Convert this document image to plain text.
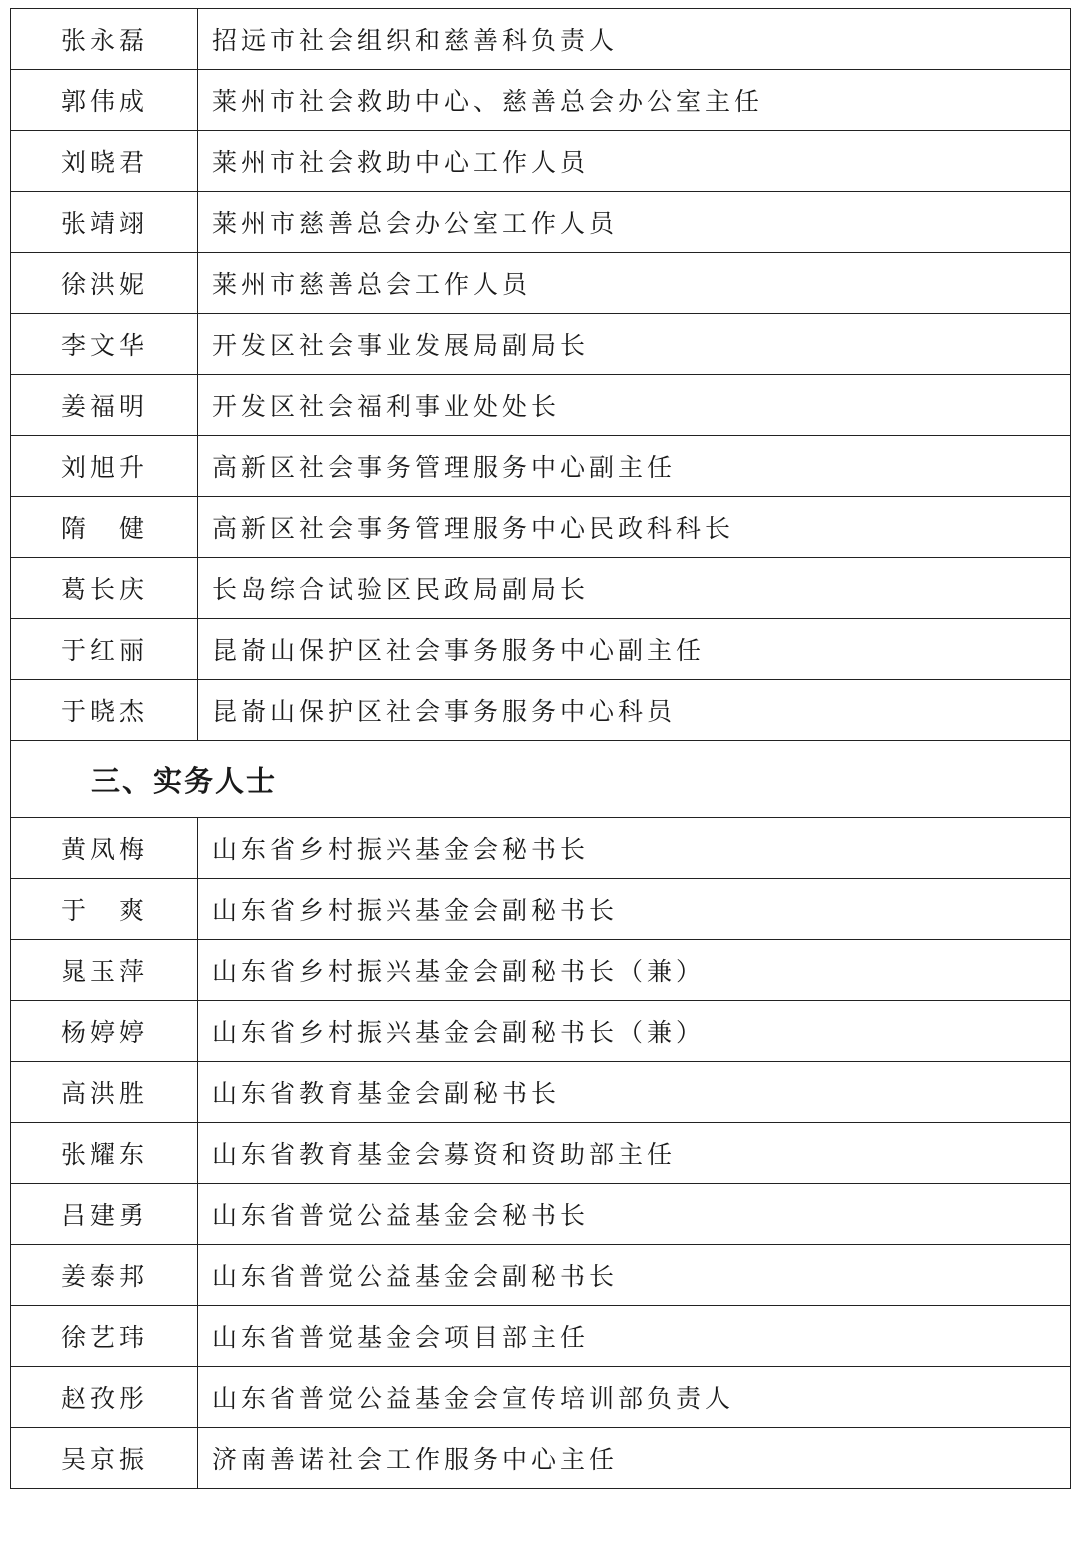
张永磊	招远市社会组织和慈善科负责人
郭伟成	莱州市社会救助中心、慈善总会办公室主任
刘晓君	莱州市社会救助中心工作人员
张靖翊	莱州市慈善总会办公室工作人员
徐洪妮	莱州市慈善总会工作人员
李文华	开发区社会事业发展局副局长
姜福明	开发区社会福利事业处处长
刘旭升	高新区社会事务管理服务中心副主任
隋　健	高新区社会事务管理服务中心民政科科长
葛长庆	长岛综合试验区民政局副局长
于红丽	昆嵛山保护区社会事务服务中心副主任
于晓杰	昆嵛山保护区社会事务服务中心科员
三、实务人士	
黄凤梅	山东省乡村振兴基金会秘书长
于　爽	山东省乡村振兴基金会副秘书长
晁玉萍	山东省乡村振兴基金会副秘书长（兼）
杨婷婷	山东省乡村振兴基金会副秘书长（兼）
高洪胜	山东省教育基金会副秘书长
张耀东	山东省教育基金会募资和资助部主任
吕建勇	山东省普觉公益基金会秘书长
姜泰邦	山东省普觉公益基金会副秘书长
徐艺玮	山东省普觉基金会项目部主任
赵孜彤	山东省普觉公益基金会宣传培训部负责人
吴京振	济南善诺社会工作服务中心主任
